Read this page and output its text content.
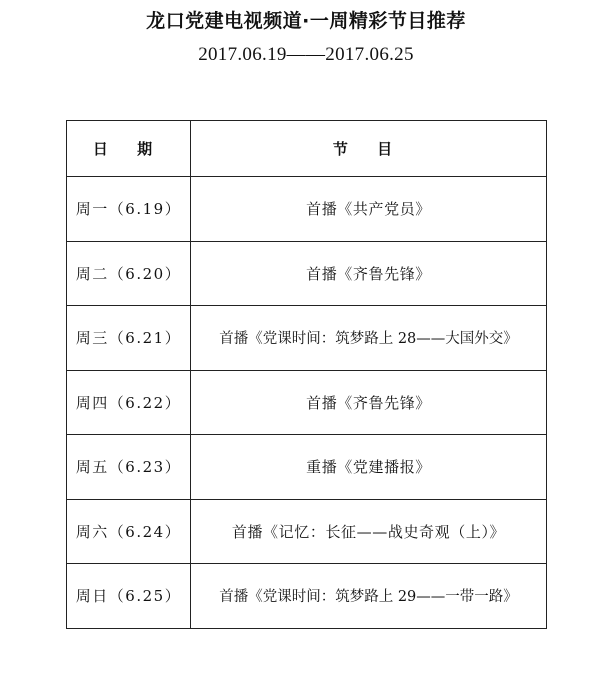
龙口党建电视频道·一周精彩节目推荐
2017.06.19——2017.06.25
日 期	节 目
周一（6.19）	首播《共产党员》
周二（6.20）	首播《齐鲁先锋》
周三（6.21）	首播《党课时间：筑梦路上 28——大国外交》
周四（6.22）	首播《齐鲁先锋》
周五（6.23）	重播《党建播报》
周六（6.24）	首播《记忆：长征——战史奇观（上）》
周日（6.25）	首播《党课时间：筑梦路上 29——一带一路》
